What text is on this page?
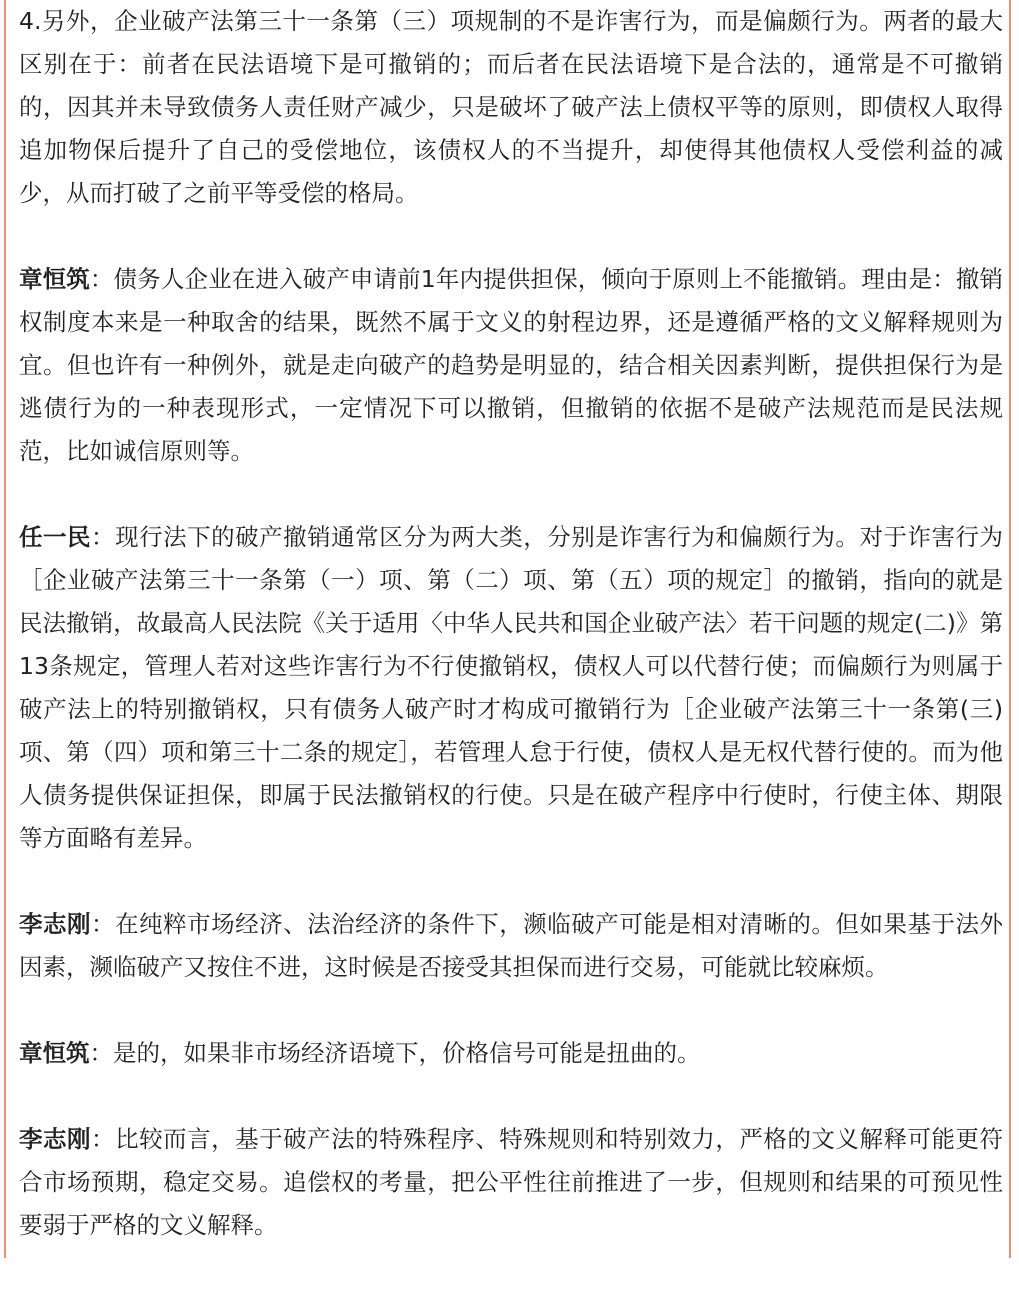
4.另外，企业破产法第三十一条第（三）项规制的不是诈害行为，而是偏颇行为。两者的最大区别在于：前者在民法语境下是可撤销的；而后者在民法语境下是合法的，通常是不可撤销的，因其并未导致债务人责任财产减少，只是破坏了破产法上债权平等的原则，即债权人取得追加物保后提升了自己的受偿地位，该债权人的不当提升，却使得其他债权人受偿利益的减少，从而打破了之前平等受偿的格局。

章恒筑：债务人企业在进入破产申请前1年内提供担保，倾向于原则上不能撤销。理由是：撤销权制度本来是一种取舍的结果，既然不属于文义的射程边界，还是遵循严格的文义解释规则为宜。但也许有一种例外，就是走向破产的趋势是明显的，结合相关因素判断，提供担保行为是逃债行为的一种表现形式，一定情况下可以撤销，但撤销的依据不是破产法规范而是民法规范，比如诚信原则等。

任一民：现行法下的破产撤销通常区分为两大类，分别是诈害行为和偏颇行为。对于诈害行为［企业破产法第三十一条第（一）项、第（二）项、第（五）项的规定］的撤销，指向的就是民法撤销，故最高人民法院《关于适用〈中华人民共和国企业破产法〉若干问题的规定(二)》第13条规定，管理人若对这些诈害行为不行使撤销权，债权人可以代替行使；而偏颇行为则属于破产法上的特别撤销权，只有债务人破产时才构成可撤销行为［企业破产法第三十一条第(三)项、第（四）项和第三十二条的规定］，若管理人怠于行使，债权人是无权代替行使的。而为他人债务提供保证担保，即属于民法撤销权的行使。只是在破产程序中行使时，行使主体、期限等方面略有差异。

李志刚：在纯粹市场经济、法治经济的条件下，濒临破产可能是相对清晰的。但如果基于法外因素，濒临破产又按住不进，这时候是否接受其担保而进行交易，可能就比较麻烦。

章恒筑：是的，如果非市场经济语境下，价格信号可能是扭曲的。

李志刚：比较而言，基于破产法的特殊程序、特殊规则和特别效力，严格的文义解释可能更符合市场预期，稳定交易。追偿权的考量，把公平性往前推进了一步，但规则和结果的可预见性要弱于严格的文义解释。
